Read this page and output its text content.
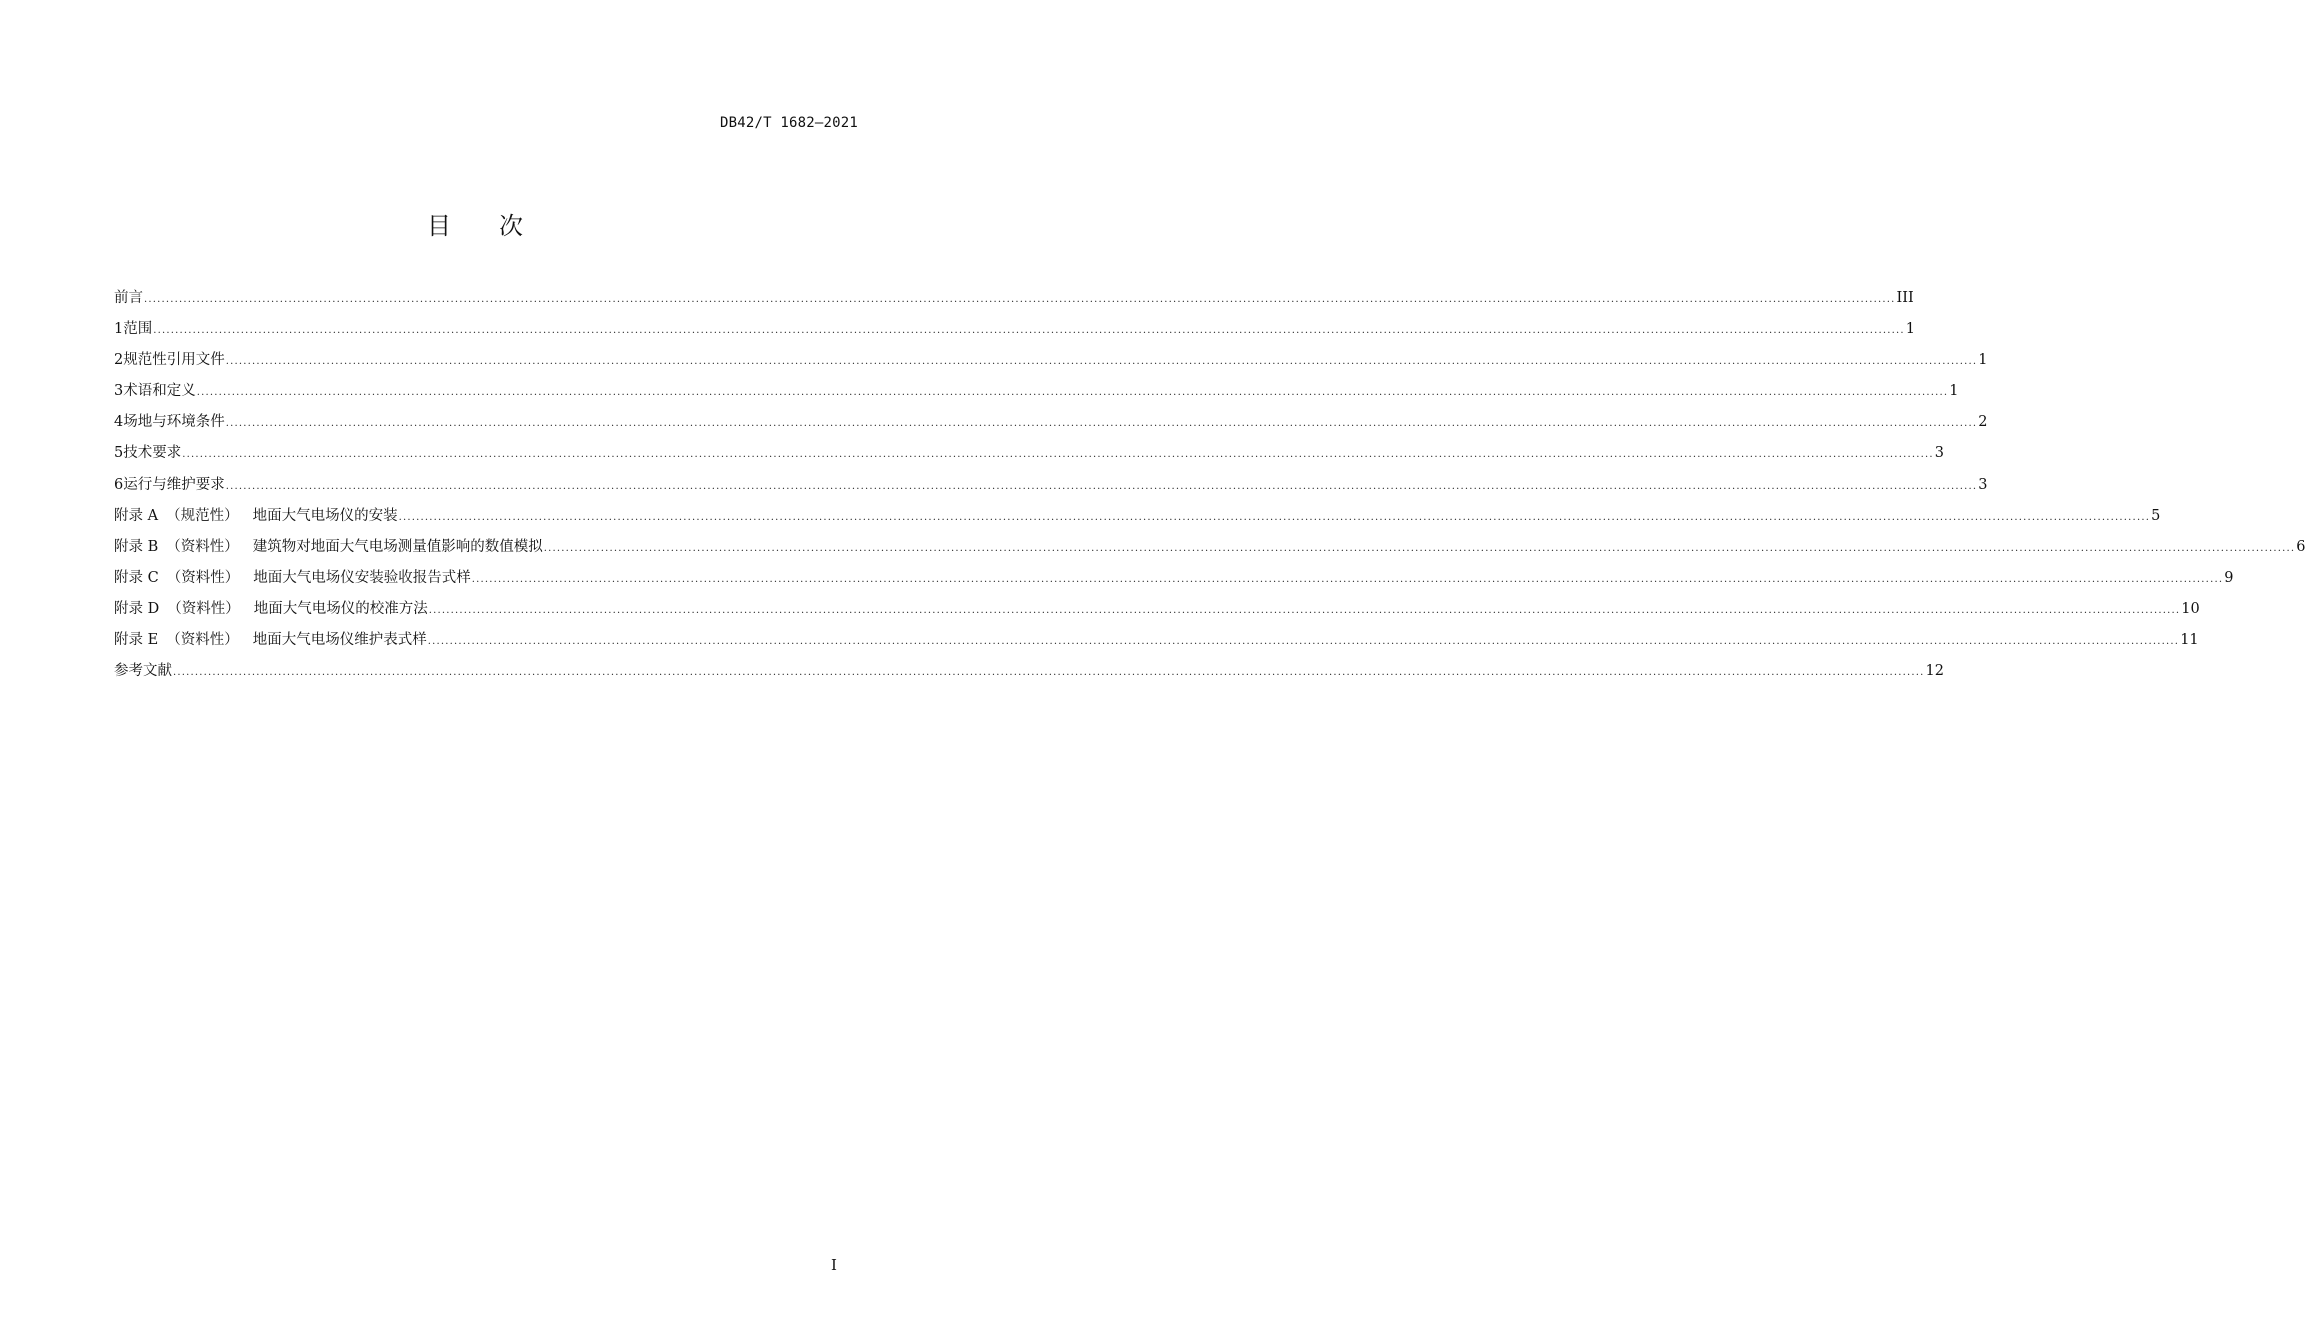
DB42/T 1682—2021
目 次
前言 ................................................................................................................................................................................................................................................................................................................................................................................................................ III
1 范围 ................................................................................................................................................................................................................................................................................................................................................................................................................ 1
2 规范性引用文件 ................................................................................................................................................................................................................................................................................................................................................................................................................ 1
3 术语和定义 ................................................................................................................................................................................................................................................................................................................................................................................................................ 1
4 场地与环境条件 ................................................................................................................................................................................................................................................................................................................................................................................................................ 2
5 技术要求 ................................................................................................................................................................................................................................................................................................................................................................................................................ 3
6 运行与维护要求 ................................................................................................................................................................................................................................................................................................................................................................................................................ 3
附录 A （规范性） 地面大气电场仪的安装 ................................................................................................................................................................................................................................................................................................................................................................................................................ 5
附录 B （资料性） 建筑物对地面大气电场测量值影响的数值模拟 ................................................................................................................................................................................................................................................................................................................................................................................................................ 6
附录 C （资料性） 地面大气电场仪安装验收报告式样 ................................................................................................................................................................................................................................................................................................................................................................................................................ 9
附录 D （资料性） 地面大气电场仪的校准方法 ................................................................................................................................................................................................................................................................................................................................................................................................................ 10
附录 E （资料性） 地面大气电场仪维护表式样 ................................................................................................................................................................................................................................................................................................................................................................................................................ 11
参考文献 ................................................................................................................................................................................................................................................................................................................................................................................................................ 12
I
